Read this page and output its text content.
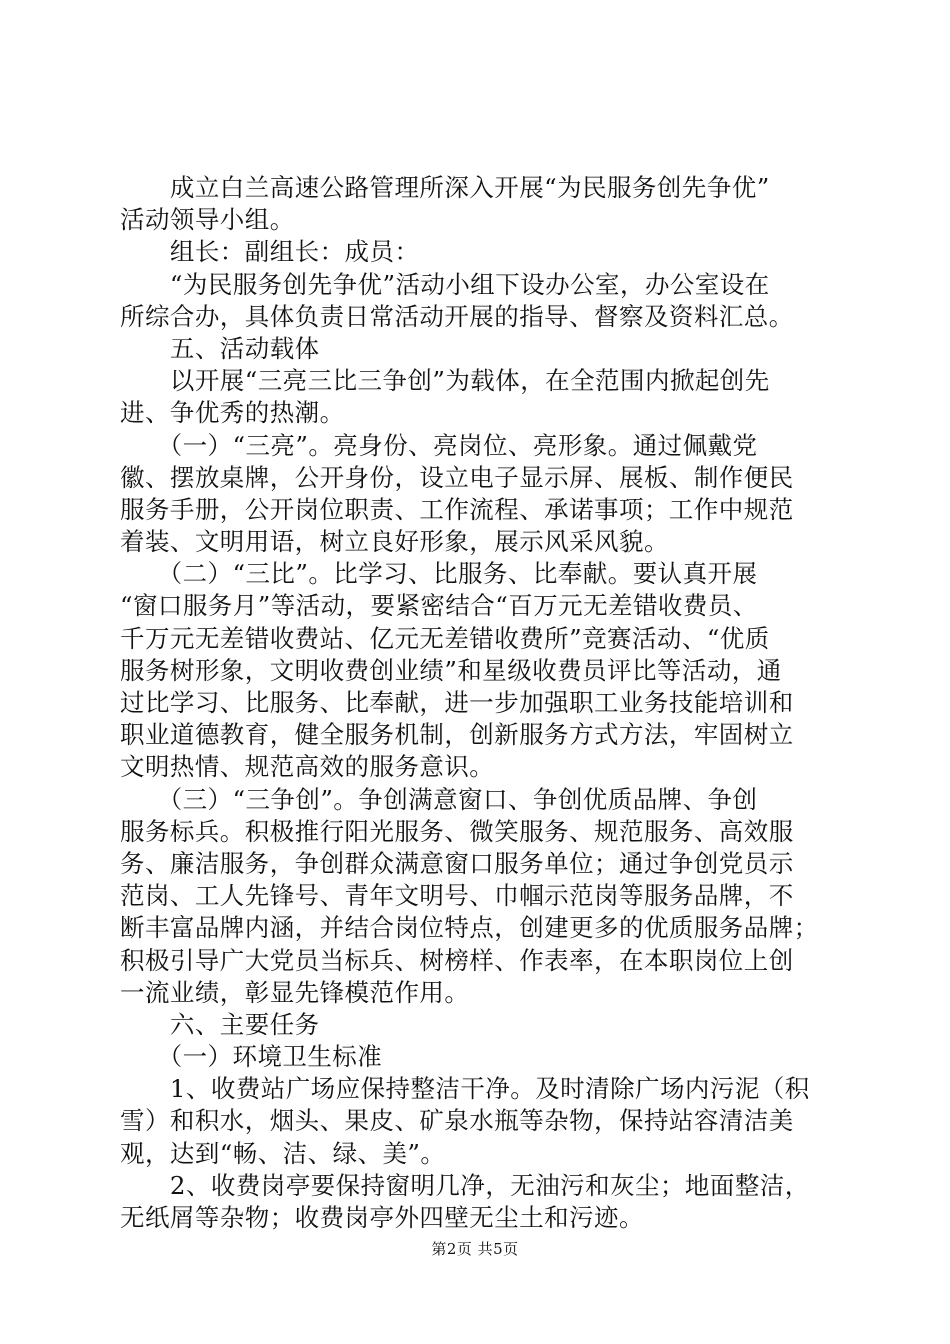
　　成立白兰高速公路管理所深入开展“为民服务创先争优”
活动领导小组。

　　组长：副组长：成员：

　　“为民服务创先争优”活动小组下设办公室，办公室设在
所综合办，具体负责日常活动开展的指导、督察及资料汇总。

　　五、活动载体

　　以开展“三亮三比三争创”为载体，在全范围内掀起创先
进、争优秀的热潮。

　　（一）“三亮”。亮身份、亮岗位、亮形象。通过佩戴党
徽、摆放桌牌，公开身份，设立电子显示屏、展板、制作便民
服务手册，公开岗位职责、工作流程、承诺事项；工作中规范
着装、文明用语，树立良好形象，展示风采风貌。

　　（二）“三比”。比学习、比服务、比奉献。要认真开展
“窗口服务月”等活动，要紧密结合“百万元无差错收费员、
千万元无差错收费站、亿元无差错收费所”竞赛活动、“优质
服务树形象，文明收费创业绩”和星级收费员评比等活动，通
过比学习、比服务、比奉献，进一步加强职工业务技能培训和
职业道德教育，健全服务机制，创新服务方式方法，牢固树立
文明热情、规范高效的服务意识。

　　（三）“三争创”。争创满意窗口、争创优质品牌、争创
服务标兵。积极推行阳光服务、微笑服务、规范服务、高效服
务、廉洁服务，争创群众满意窗口服务单位；通过争创党员示
范岗、工人先锋号、青年文明号、巾帼示范岗等服务品牌，不
断丰富品牌内涵，并结合岗位特点，创建更多的优质服务品牌；
积极引导广大党员当标兵、树榜样、作表率，在本职岗位上创
一流业绩，彰显先锋模范作用。

　　六、主要任务

　　（一）环境卫生标准

　　1、收费站广场应保持整洁干净。及时清除广场内污泥（积
雪）和积水，烟头、果皮、矿泉水瓶等杂物，保持站容清洁美
观，达到“畅、洁、绿、美”。

　　2、收费岗亭要保持窗明几净，无油污和灰尘；地面整洁，
无纸屑等杂物；收费岗亭外四壁无尘土和污迹。

第2页 共5页
